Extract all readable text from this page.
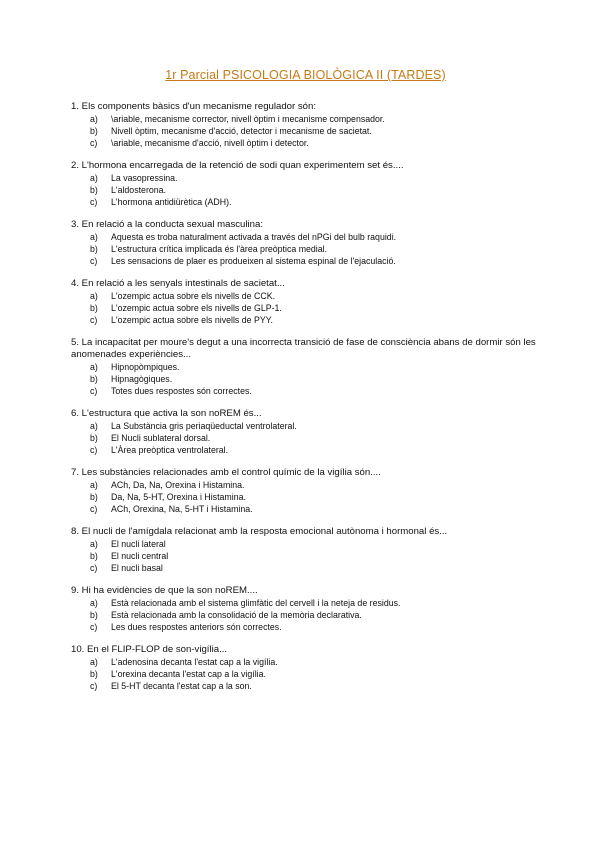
1r Parcial PSICOLOGIA BIOLÒGICA II (TARDES)

1. Els components bàsics d'un mecanisme regulador són:

a) \ariable, mecanisme corrector, nivell òptim i mecanisme compensador.
b) Nivell òptim, mecanisme d'acció, detector i mecanisme de sacietat.
c) \ariable, mecanisme d'acció, nivell òptim i detector.

2. L'hormona encarregada de la retenció de sodi quan experimentem set és....

a) La vasopressina.
b) L'aldosterona.
c) L'hormona antidiürètica (ADH).

3. En relació a la conducta sexual masculina:

a) Aquesta es troba naturalment activada a través del nPGi del bulb raquidi.
b) L'estructura crítica implicada és l'àrea preòptica medial.
c) Les sensacions de plaer es produeixen al sistema espinal de l'ejaculació.

4. En relació a les senyals intestinals de sacietat...

a) L'ozempic actua sobre els nivells de CCK.
b) L'ozempic actua sobre els nivells de GLP-1.
c) L'ozempic actua sobre els nivells de PYY.

5. La incapacitat per moure's degut a una incorrecta transició de fase de consciència abans de dormir són les anomenades experiències...

a) Hipnopòmpiques.
b) Hipnagògiques.
c) Totes dues respostes són correctes.

6. L'estructura que activa la son noREM és...

a) La Substància gris periaqüeductal ventrolateral.
b) El Nucli sublateral dorsal.
c) L'Àrea preòptica ventrolateral.

7. Les substàncies relacionades amb el control químic de la vigília són....

a) ACh, Da, Na, Orexina i Histamina.
b) Da, Na, 5-HT, Orexina i Histamina.
c) ACh, Orexina, Na, 5-HT i Histamina.

8. El nucli de l'amígdala relacionat amb la resposta emocional autònoma i hormonal és...

a) El nucli lateral
b) El nucli central
c) El nucli basal

9. Hi ha evidències de que la son noREM....

a) Està relacionada amb el sistema glimfàtic del cervell i la neteja de residus.
b) Està relacionada amb la consolidació de la memòria declarativa.
c) Les dues respostes anteriors són correctes.

10. En el FLIP-FLOP de son-vigília...

a) L'adenosina decanta l'estat cap a la vigília.
b) L'orexina decanta l'estat cap a la vigília.
c) El 5-HT decanta l'estat cap a la son.
